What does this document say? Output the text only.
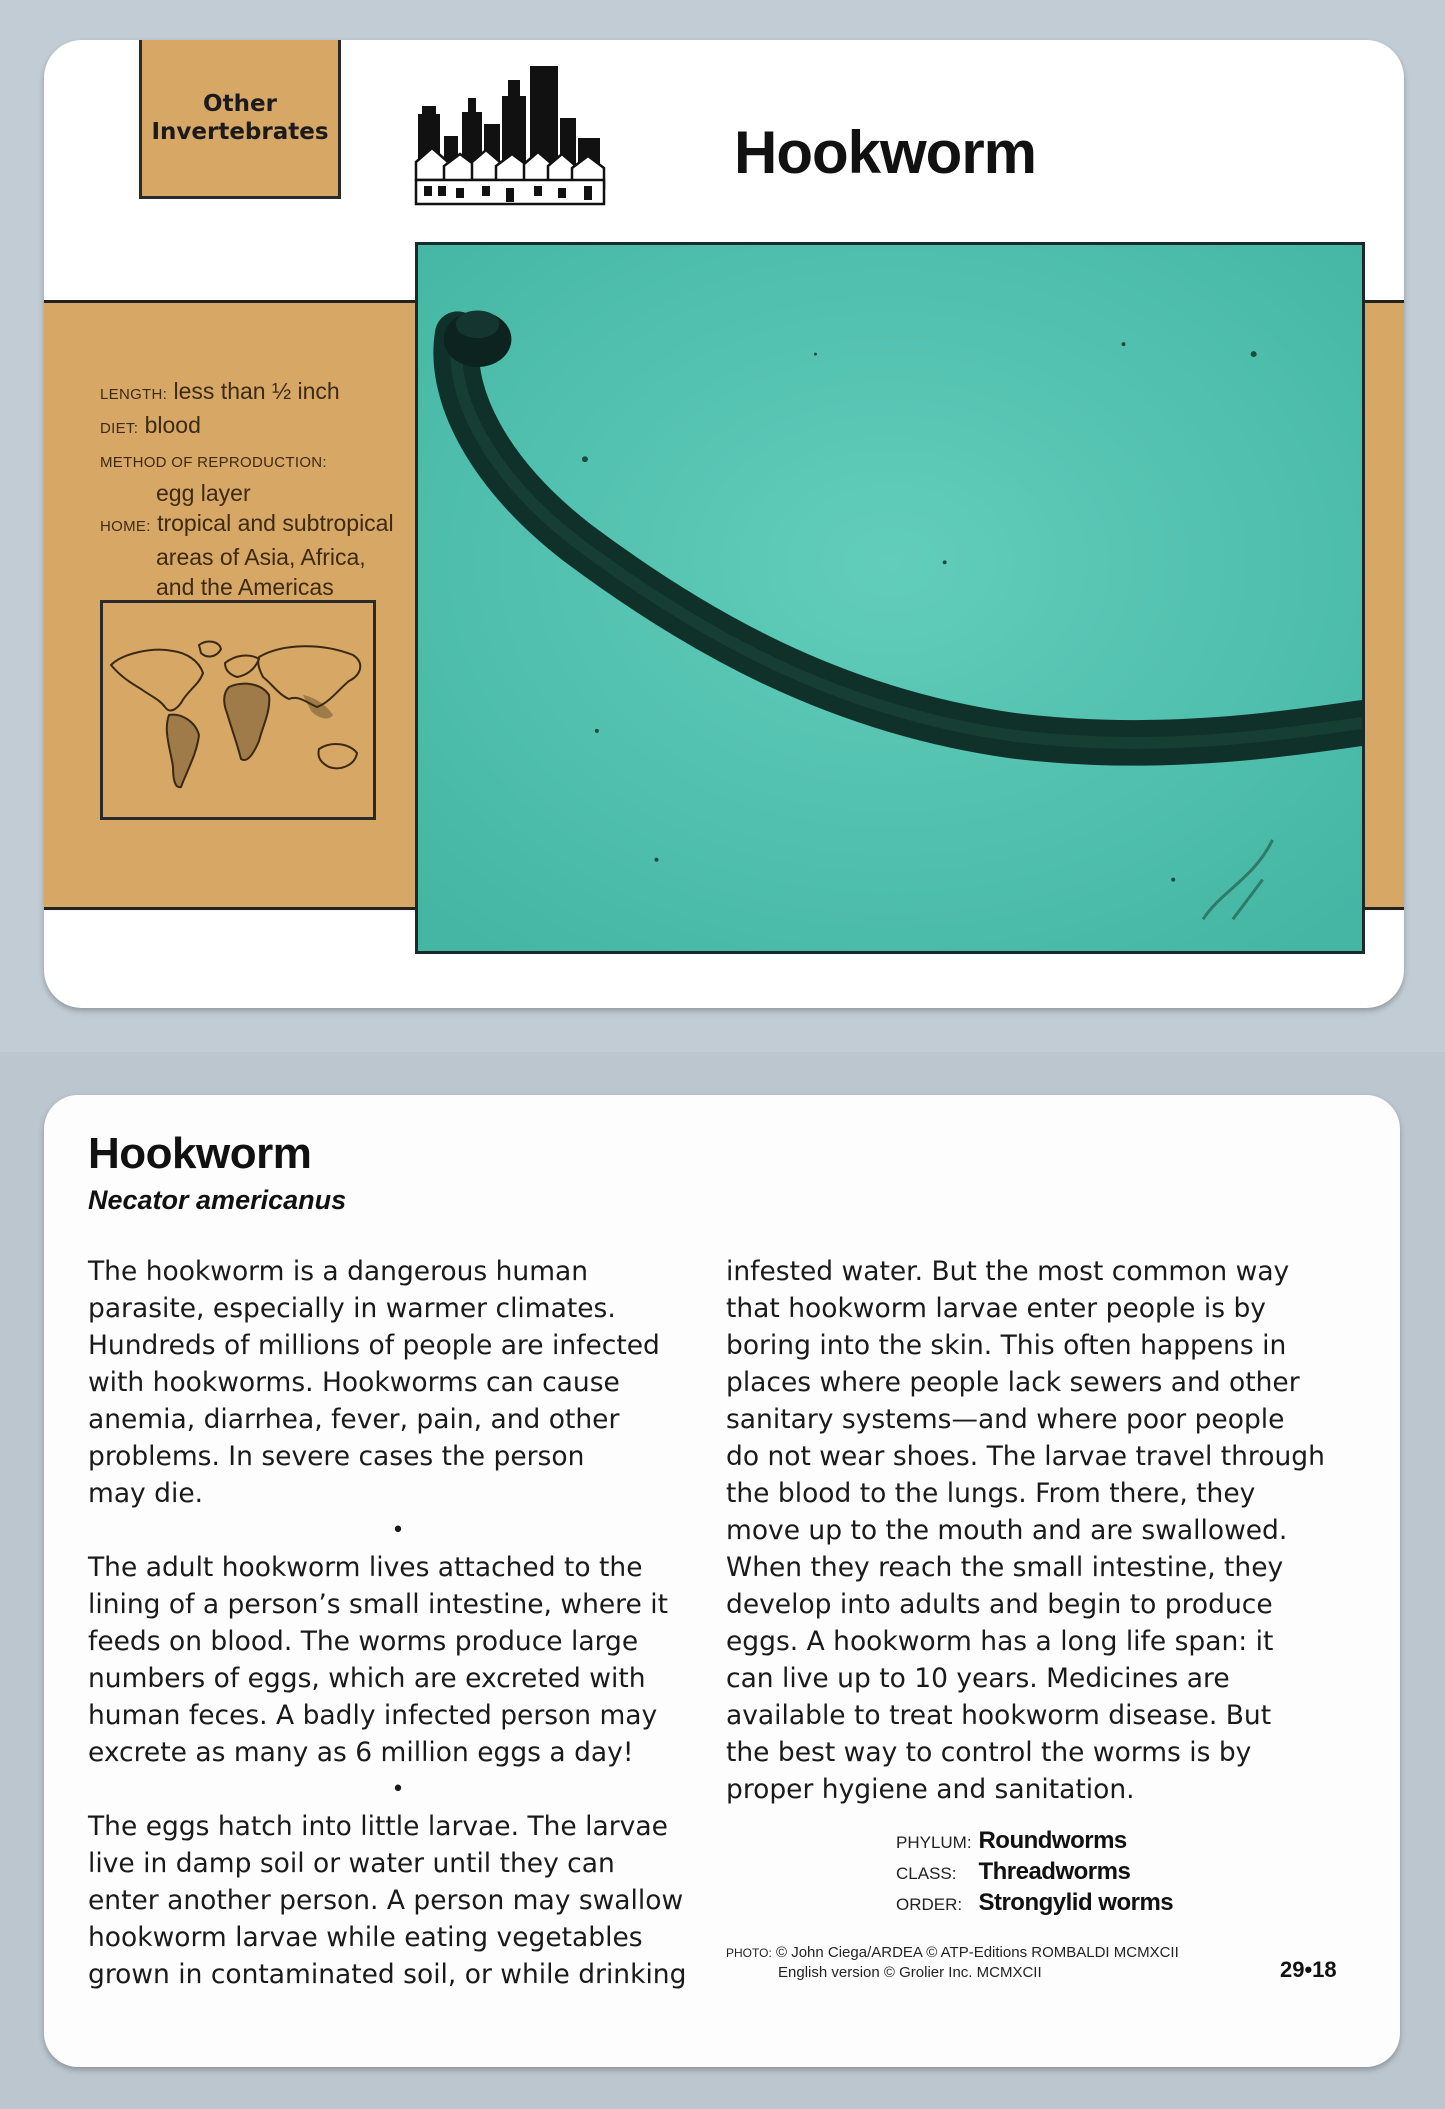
Other
Invertebrates	Hookworm
LENGTH: less than ½ inch
DIET: blood
METHOD OF REPRODUCTION:
egg layer
HOME: tropical and subtropical
areas of Asia, Africa,
and the Americas
Hookworm
Necator americanus

The hookworm is a dangerous human
parasite, especially in warmer climates.
Hundreds of millions of people are infected
with hookworms. Hookworms can cause
anemia, diarrhea, fever, pain, and other
problems. In severe cases the person
may die.

•

The adult hookworm lives attached to the
lining of a person’s small intestine, where it
feeds on blood. The worms produce large
numbers of eggs, which are excreted with
human feces. A badly infected person may
excrete as many as 6 million eggs a day!

•

The eggs hatch into little larvae. The larvae
live in damp soil or water until they can
enter another person. A person may swallow
hookworm larvae while eating vegetables
grown in contaminated soil, or while drinking

infested water. But the most common way
that hookworm larvae enter people is by
boring into the skin. This often happens in
places where people lack sewers and other
sanitary systems—and where poor people
do not wear shoes. The larvae travel through
the blood to the lungs. From there, they
move up to the mouth and are swallowed.
When they reach the small intestine, they
develop into adults and begin to produce
eggs. A hookworm has a long life span: it
can live up to 10 years. Medicines are
available to treat hookworm disease. But
the best way to control the worms is by
proper hygiene and sanitation.

PHYLUM: Roundworms
CLASS: Threadworms
ORDER: Strongylid worms
PHOTO: © John Ciega/ARDEA © ATP-Editions ROMBALDI MCMXCII
English version © Grolier Inc. MCMXCII	29•18
